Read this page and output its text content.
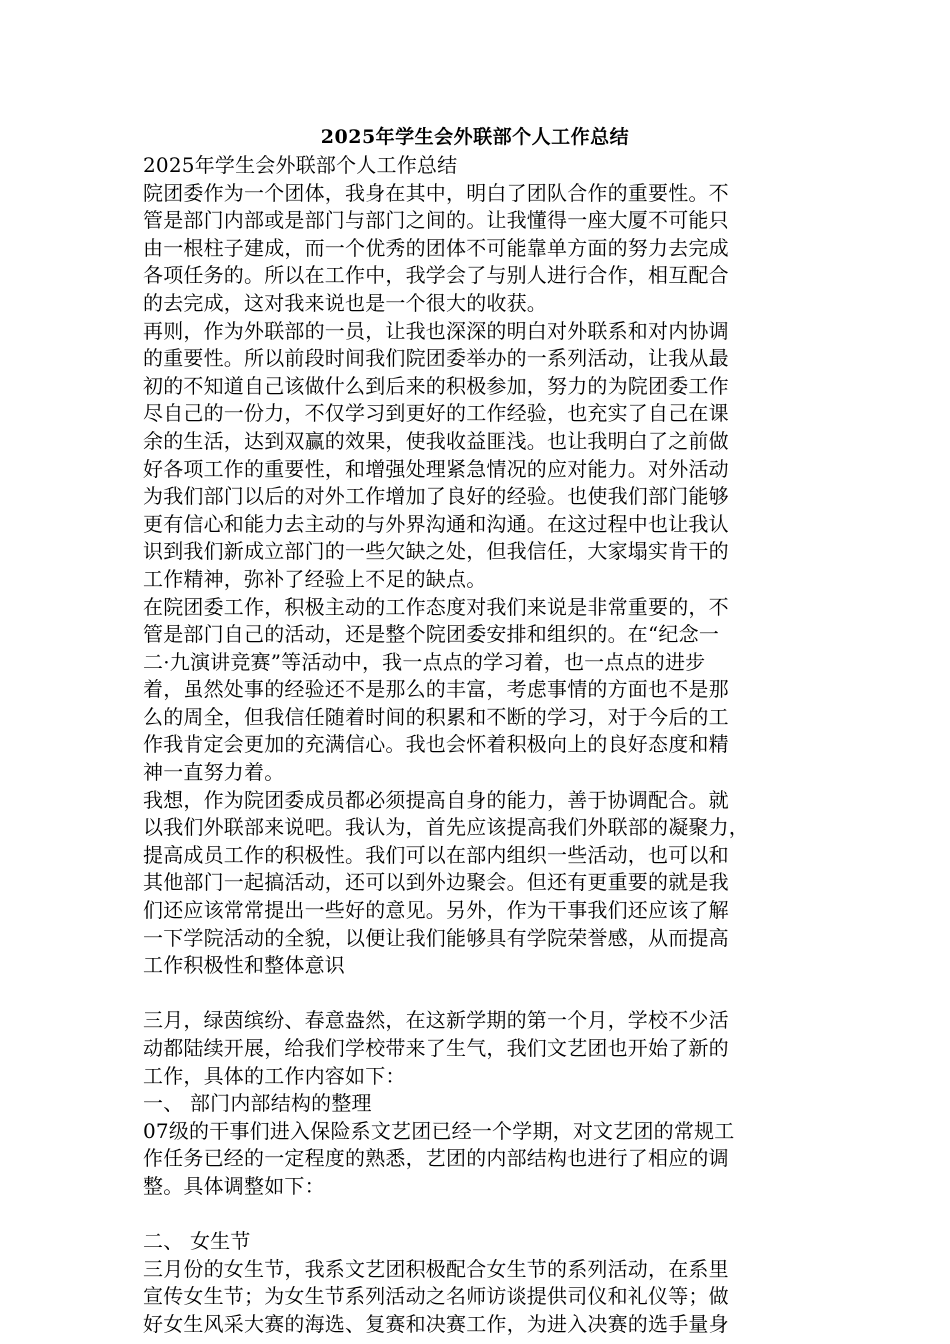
2025年学生会外联部个人工作总结
2025年学生会外联部个人工作总结
院团委作为一个团体，我身在其中，明白了团队合作的重要性。不
管是部门内部或是部门与部门之间的。让我懂得一座大厦不可能只
由一根柱子建成，而一个优秀的团体不可能靠单方面的努力去完成
各项任务的。所以在工作中，我学会了与别人进行合作，相互配合
的去完成，这对我来说也是一个很大的收获。
再则，作为外联部的一员，让我也深深的明白对外联系和对内协调
的重要性。所以前段时间我们院团委举办的一系列活动，让我从最
初的不知道自己该做什么到后来的积极参加，努力的为院团委工作
尽自己的一份力，不仅学习到更好的工作经验，也充实了自己在课
余的生活，达到双赢的效果，使我收益匪浅。也让我明白了之前做
好各项工作的重要性，和增强处理紧急情况的应对能力。对外活动
为我们部门以后的对外工作增加了良好的经验。也使我们部门能够
更有信心和能力去主动的与外界沟通和沟通。在这过程中也让我认
识到我们新成立部门的一些欠缺之处，但我信任，大家塌实肯干的
工作精神，弥补了经验上不足的缺点。
在院团委工作，积极主动的工作态度对我们来说是非常重要的，不
管是部门自己的活动，还是整个院团委安排和组织的。在“纪念一
二·九演讲竞赛”等活动中，我一点点的学习着，也一点点的进步
着，虽然处事的经验还不是那么的丰富，考虑事情的方面也不是那
么的周全，但我信任随着时间的积累和不断的学习，对于今后的工
作我肯定会更加的充满信心。我也会怀着积极向上的良好态度和精
神一直努力着。
我想，作为院团委成员都必须提高自身的能力，善于协调配合。就
以我们外联部来说吧。我认为，首先应该提高我们外联部的凝聚力，
提高成员工作的积极性。我们可以在部内组织一些活动，也可以和
其他部门一起搞活动，还可以到外边聚会。但还有更重要的就是我
们还应该常常提出一些好的意见。另外，作为干事我们还应该了解
一下学院活动的全貌，以便让我们能够具有学院荣誉感，从而提高
工作积极性和整体意识
三月，绿茵缤纷、春意盎然，在这新学期的第一个月，学校不少活
动都陆续开展，给我们学校带来了生气，我们文艺团也开始了新的
工作，具体的工作内容如下：
一、 部门内部结构的整理
07级的干事们进入保险系文艺团已经一个学期，对文艺团的常规工
作任务已经的一定程度的熟悉，艺团的内部结构也进行了相应的调
整。具体调整如下：
二、 女生节
三月份的女生节，我系文艺团积极配合女生节的系列活动，在系里
宣传女生节；为女生节系列活动之名师访谈提供司仪和礼仪等；做
好女生风采大赛的海选、复赛和决赛工作，为进入决赛的选手量身
